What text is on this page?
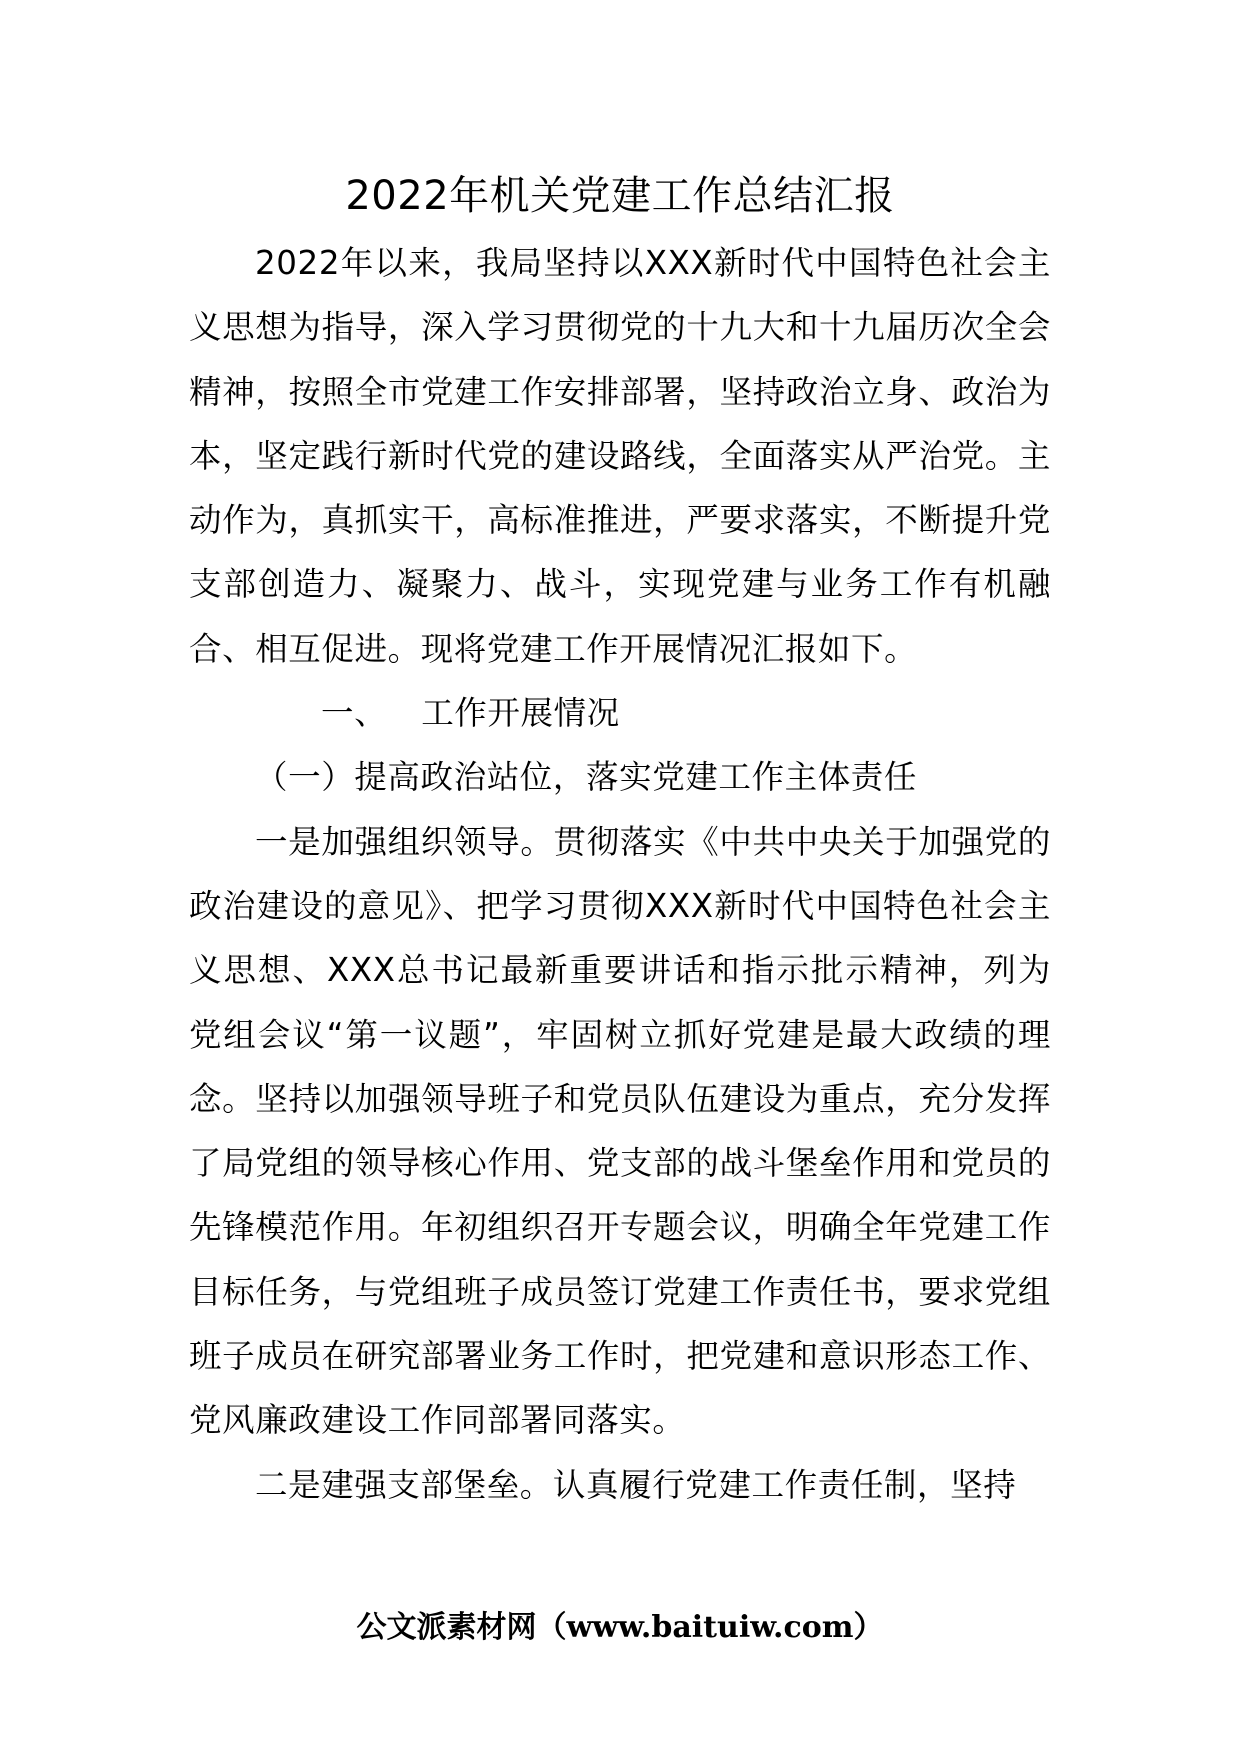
2022年机关党建工作总结汇报

2022年以来，我局坚持以XXX新时代中国特色社会主义思想为指导，深入学习贯彻党的十九大和十九届历次全会精神，按照全市党建工作安排部署，坚持政治立身、政治为本，坚定践行新时代党的建设路线，全面落实从严治党。主动作为，真抓实干，高标准推进，严要求落实，不断提升党支部创造力、凝聚力、战斗，实现党建与业务工作有机融合、相互促进。现将党建工作开展情况汇报如下。

一、 工作开展情况

（一）提高政治站位，落实党建工作主体责任

一是加强组织领导。贯彻落实《中共中央关于加强党的政治建设的意见》、把学习贯彻XXX新时代中国特色社会主义思想、XXX总书记最新重要讲话和指示批示精神，列为党组会议“第一议题”，牢固树立抓好党建是最大政绩的理念。坚持以加强领导班子和党员队伍建设为重点，充分发挥了局党组的领导核心作用、党支部的战斗堡垒作用和党员的先锋模范作用。年初组织召开专题会议，明确全年党建工作目标任务，与党组班子成员签订党建工作责任书，要求党组班子成员在研究部署业务工作时，把党建和意识形态工作、党风廉政建设工作同部署同落实。

二是建强支部堡垒。认真履行党建工作责任制，坚持

公文派素材网（www.baituiw.com）
